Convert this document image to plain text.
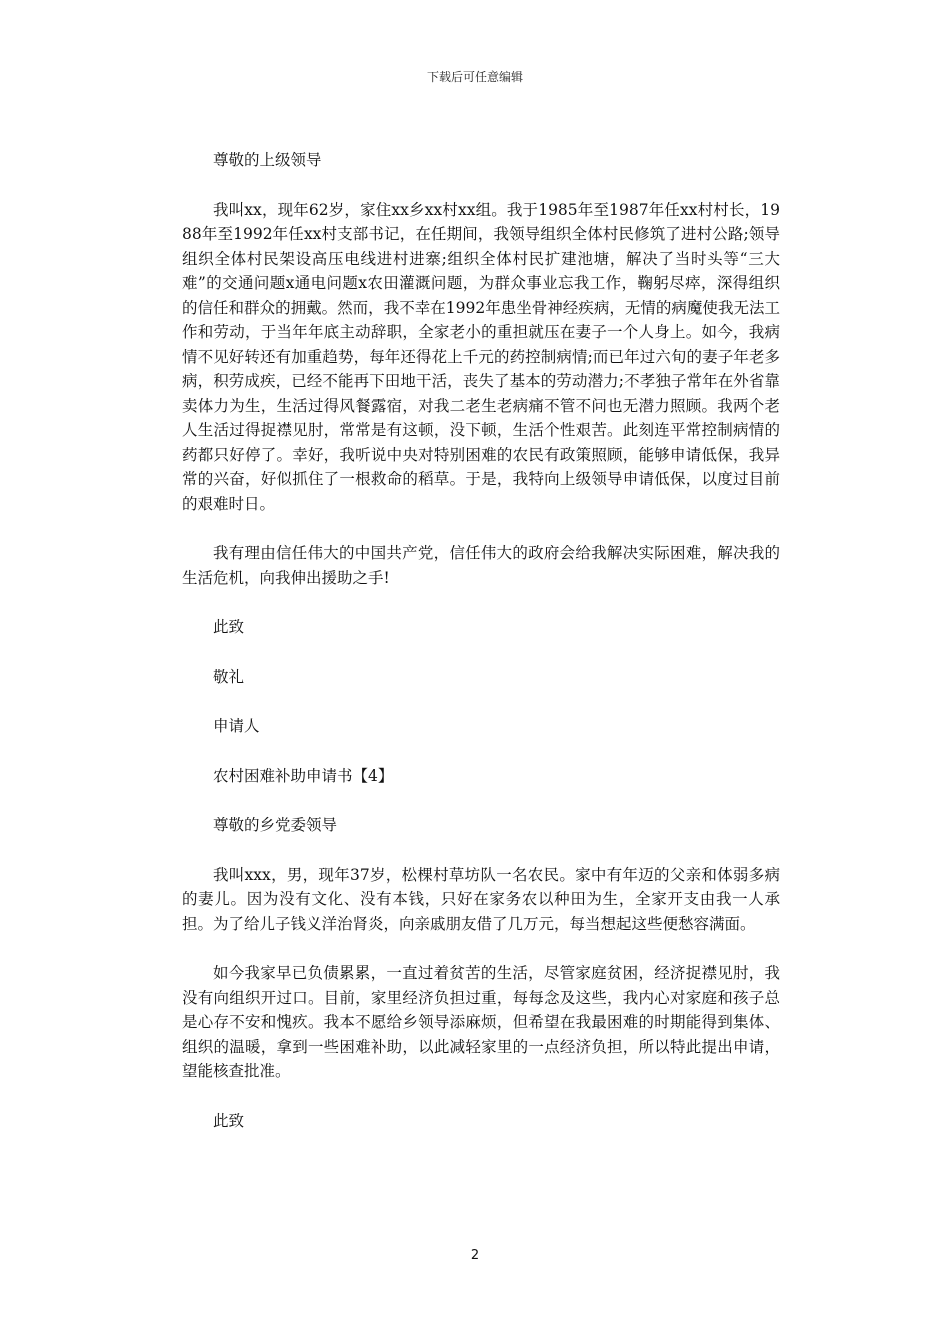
下载后可任意编辑

尊敬的上级领导

我叫xx，现年62岁，家住xx乡xx村xx组。我于1985年至1987年任xx村村长，1988年至1992年任xx村支部书记，在任期间，我领导组织全体村民修筑了进村公路;领导组织全体村民架设高压电线进村进寨;组织全体村民扩建池塘，解决了当时头等“三大难”的交通问题x通电问题x农田灌溉问题，为群众事业忘我工作，鞠躬尽瘁，深得组织的信任和群众的拥戴。然而，我不幸在1992年患坐骨神经疾病，无情的病魔使我无法工作和劳动，于当年年底主动辞职，全家老小的重担就压在妻子一个人身上。如今，我病情不见好转还有加重趋势，每年还得花上千元的药控制病情;而已年过六旬的妻子年老多病，积劳成疾，已经不能再下田地干活，丧失了基本的劳动潜力;不孝独子常年在外省靠卖体力为生，生活过得风餐露宿，对我二老生老病痛不管不问也无潜力照顾。我两个老人生活过得捉襟见肘，常常是有这顿，没下顿，生活个性艰苦。此刻连平常控制病情的药都只好停了。幸好，我听说中央对特别困难的农民有政策照顾，能够申请低保，我异常的兴奋，好似抓住了一根救命的稻草。于是，我特向上级领导申请低保，以度过目前的艰难时日。

我有理由信任伟大的中国共产党，信任伟大的政府会给我解决实际困难，解决我的生活危机，向我伸出援助之手!

此致

敬礼

申请人

农村困难补助申请书【4】

尊敬的乡党委领导

我叫xxx，男，现年37岁，松棵村草坊队一名农民。家中有年迈的父亲和体弱多病的妻儿。因为没有文化、没有本钱，只好在家务农以种田为生，全家开支由我一人承担。为了给儿子钱义洋治肾炎，向亲戚朋友借了几万元，每当想起这些便愁容满面。

如今我家早已负债累累，一直过着贫苦的生活，尽管家庭贫困，经济捉襟见肘，我没有向组织开过口。目前，家里经济负担过重，每每念及这些，我内心对家庭和孩子总是心存不安和愧疚。我本不愿给乡领导添麻烦，但希望在我最困难的时期能得到集体、组织的温暖，拿到一些困难补助，以此减轻家里的一点经济负担，所以特此提出申请，望能核查批准。

此致

2
